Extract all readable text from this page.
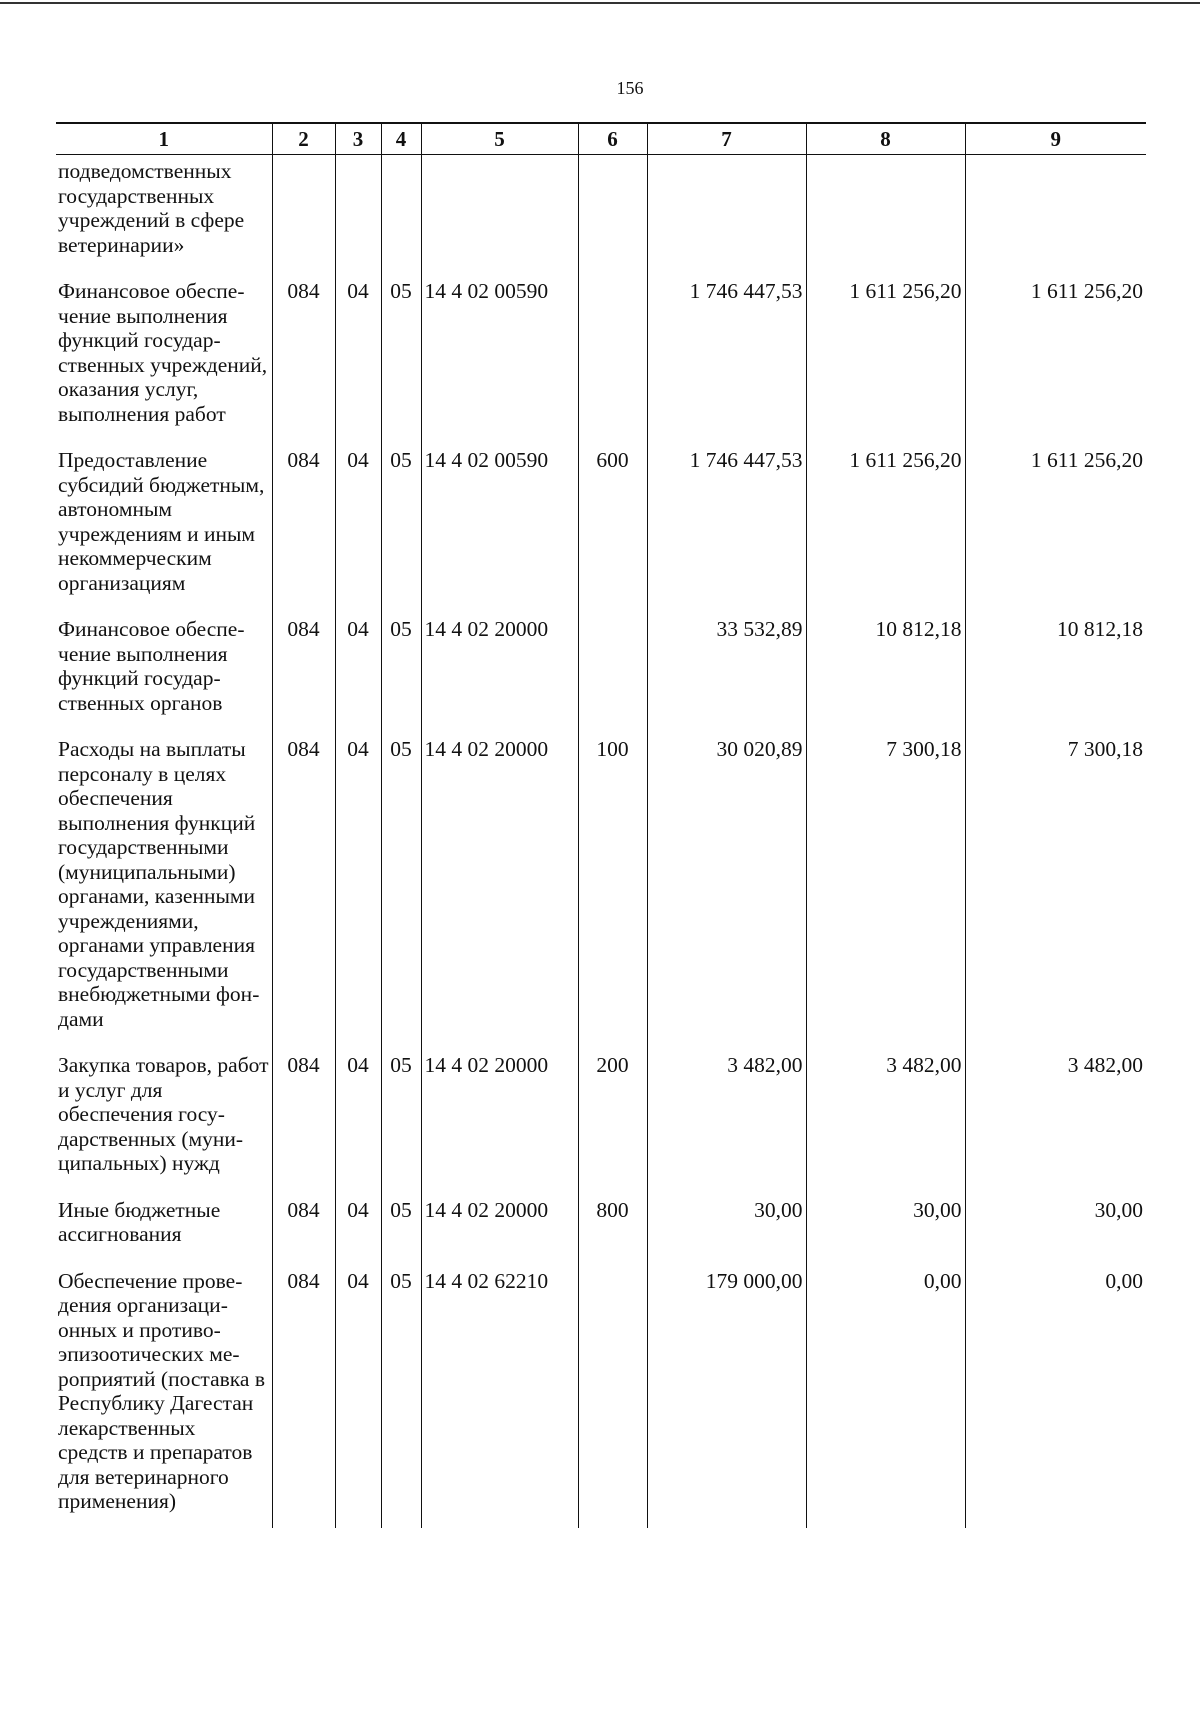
156
1	2	3	4	5	6	7	8	9
подведомственных государственных учреждений в сфере ветеринарии»								
Финансовое обеспечение выполнения функций государственных учреждений, оказания услуг, выполнения работ	084	04	05	14 4 02 00590		1 746 447,53	1 611 256,20	1 611 256,20
Предоставление субсидий бюджетным, автономным учреждениям и иным некоммерческим организациям	084	04	05	14 4 02 00590	600	1 746 447,53	1 611 256,20	1 611 256,20
Финансовое обеспечение выполнения функций государственных органов	084	04	05	14 4 02 20000		33 532,89	10 812,18	10 812,18
Расходы на выплаты персоналу в целях обеспечения выполнения функций государственными (муниципальными) органами, казенными учреждениями, органами управления государственными внебюджетными фондами	084	04	05	14 4 02 20000	100	30 020,89	7 300,18	7 300,18
Закупка товаров, работ и услуг для обеспечения государственных (муниципальных) нужд	084	04	05	14 4 02 20000	200	3 482,00	3 482,00	3 482,00
Иные бюджетные ассигнования	084	04	05	14 4 02 20000	800	30,00	30,00	30,00
Обеспечение проведения организационных и противоэпизоотических мероприятий (поставка в Республику Дагестан лекарственных средств и препаратов для ветеринарного применения)	084	04	05	14 4 02 62210		179 000,00	0,00	0,00
